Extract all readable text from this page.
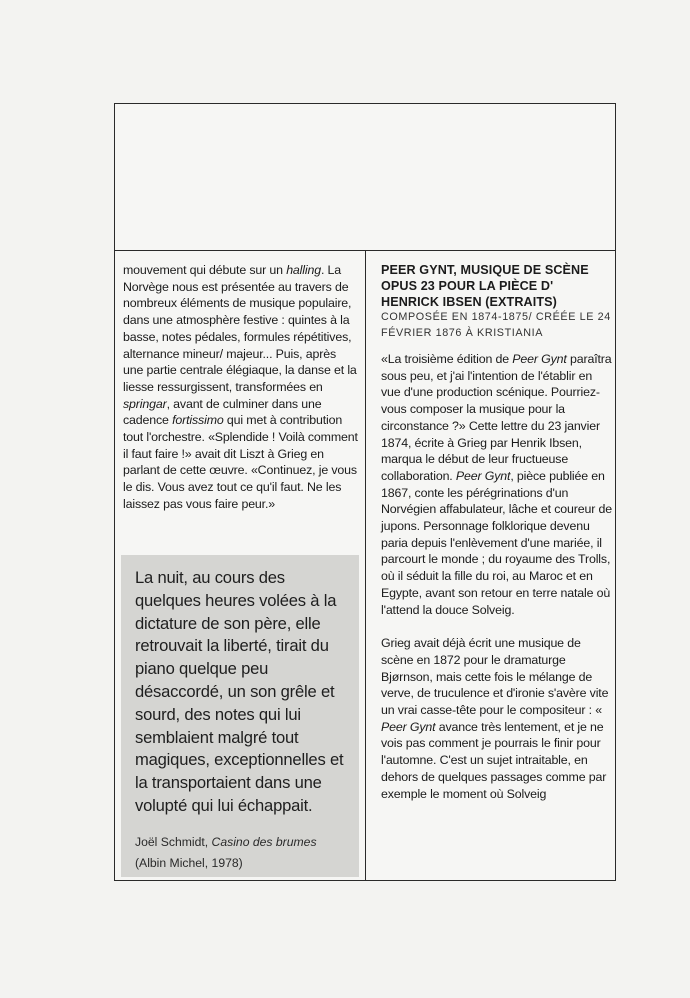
mouvement qui débute sur un halling. La Norvège nous est présentée au travers de nombreux éléments de musique populaire, dans une atmosphère festive : quintes à la basse, notes pédales, formules répétitives, alternance mineur/ majeur... Puis, après une partie centrale élégiaque, la danse et la liesse ressurgissent, transformées en springar, avant de culminer dans une cadence fortissimo qui met à contribution tout l'orchestre. «Splendide ! Voilà comment il faut faire !» avait dit Liszt à Grieg en parlant de cette œuvre. «Continuez, je vous le dis. Vous avez tout ce qu'il faut. Ne les laissez pas vous faire peur.»

La nuit, au cours des quelques heures volées à la dictature de son père, elle retrouvait la liberté, tirait du piano quelque peu désaccordé, un son grêle et sourd, des notes qui lui semblaient malgré tout magiques, exceptionnelles et la transportaient dans une volupté qui lui échappait.

Joël Schmidt, Casino des brumes
(Albin Michel, 1978)

PEER GYNT, MUSIQUE DE SCÈNE OPUS 23 POUR LA PIÈCE D' HENRICK IBSEN (EXTRAITS)

COMPOSÉE EN 1874-1875/ CRÉÉE LE 24 FÉVRIER 1876 À KRISTIANIA

«La troisième édition de Peer Gynt paraîtra sous peu, et j'ai l'intention de l'établir en vue d'une production scénique. Pourriez-vous composer la musique pour la circonstance ?» Cette lettre du 23 janvier 1874, écrite à Grieg par Henrik Ibsen, marqua le début de leur fructueuse collaboration. Peer Gynt, pièce publiée en 1867, conte les pérégrinations d'un Norvégien affabulateur, lâche et coureur de jupons. Personnage folklorique devenu paria depuis l'enlèvement d'une mariée, il parcourt le monde ; du royaume des Trolls, où il séduit la fille du roi, au Maroc et en Egypte, avant son retour en terre natale où l'attend la douce Solveig.

Grieg avait déjà écrit une musique de scène en 1872 pour le dramaturge Bjørnson, mais cette fois le mélange de verve, de truculence et d'ironie s'avère vite un vrai casse-tête pour le compositeur : « Peer Gynt avance très lentement, et je ne vois pas comment je pourrais le finir pour l'automne. C'est un sujet intraitable, en dehors de quelques passages comme par exemple le moment où Solveig
